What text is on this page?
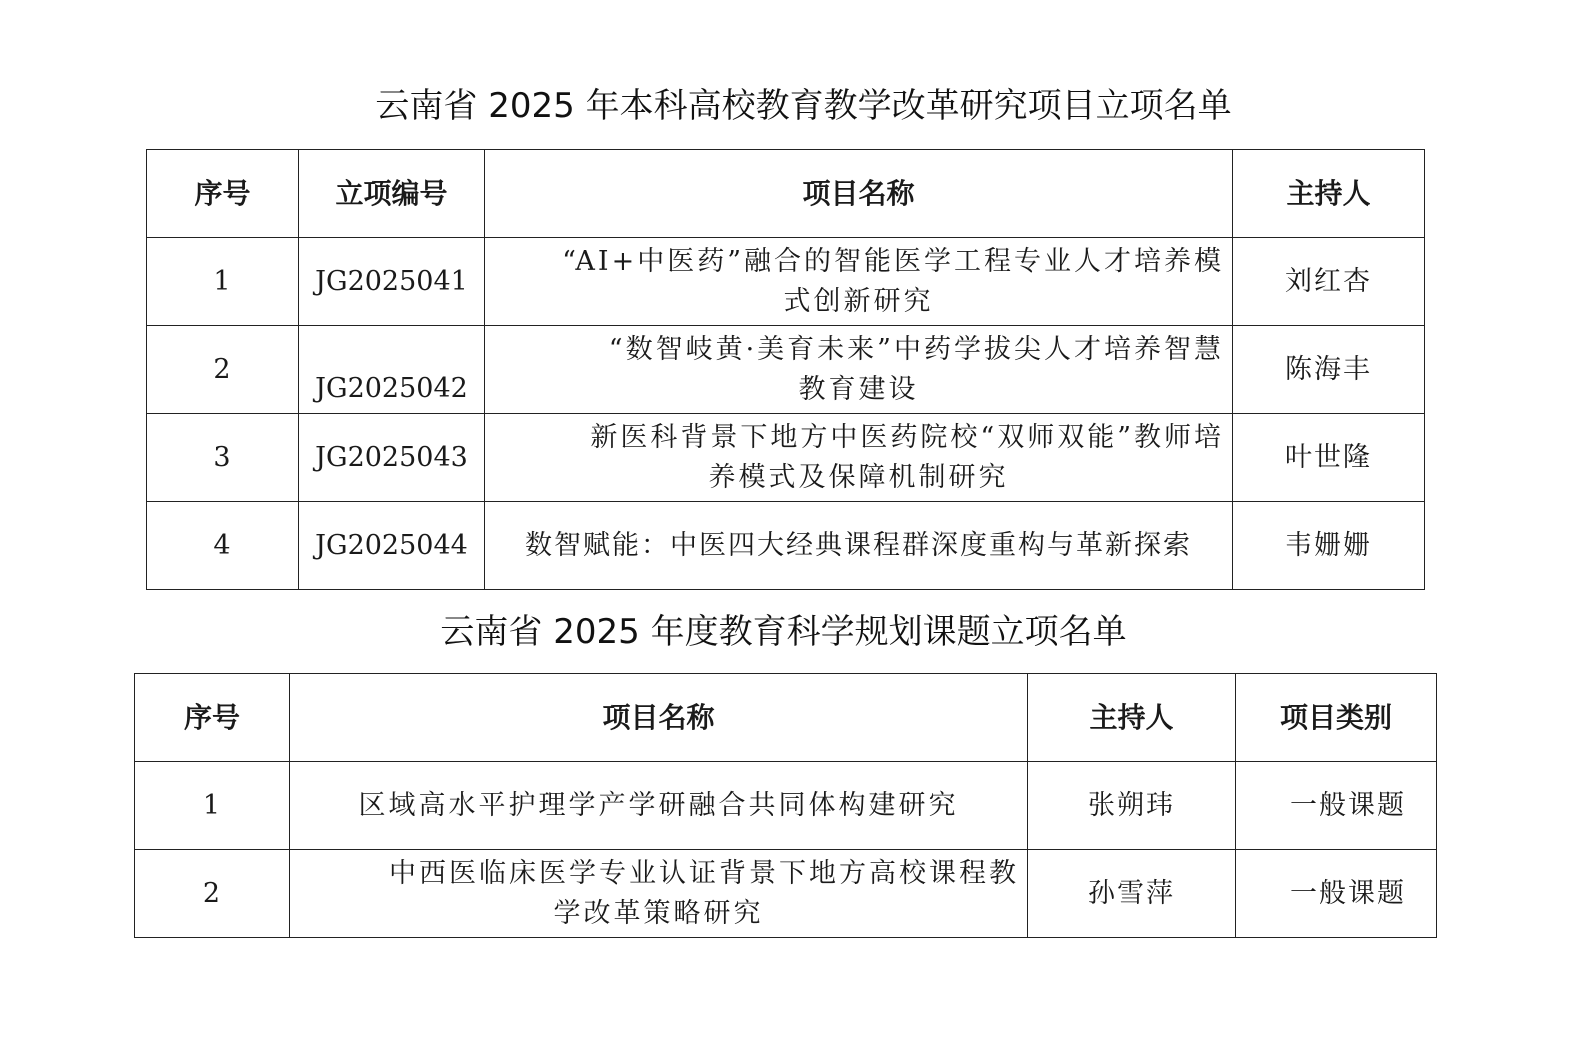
云南省 2025 年本科高校教育教学改革研究项目立项名单
序号	立项编号	项目名称	主持人
1	JG2025041	“AI+中医药”融合的智能医学工程专业人才培养模
式创新研究	刘红杏
2	JG2025042	“数智岐黄·美育未来”中药学拔尖人才培养智慧
教育建设	陈海丰
3	JG2025043	新医科背景下地方中医药院校“双师双能”教师培
养模式及保障机制研究	叶世隆
4	JG2025044	数智赋能：中医四大经典课程群深度重构与革新探索	韦姗姗
云南省 2025 年度教育科学规划课题立项名单
序号	项目名称	主持人	项目类别
1	区域高水平护理学产学研融合共同体构建研究	张朔玮	一般课题
2	中西医临床医学专业认证背景下地方高校课程教
学改革策略研究	孙雪萍	一般课题
